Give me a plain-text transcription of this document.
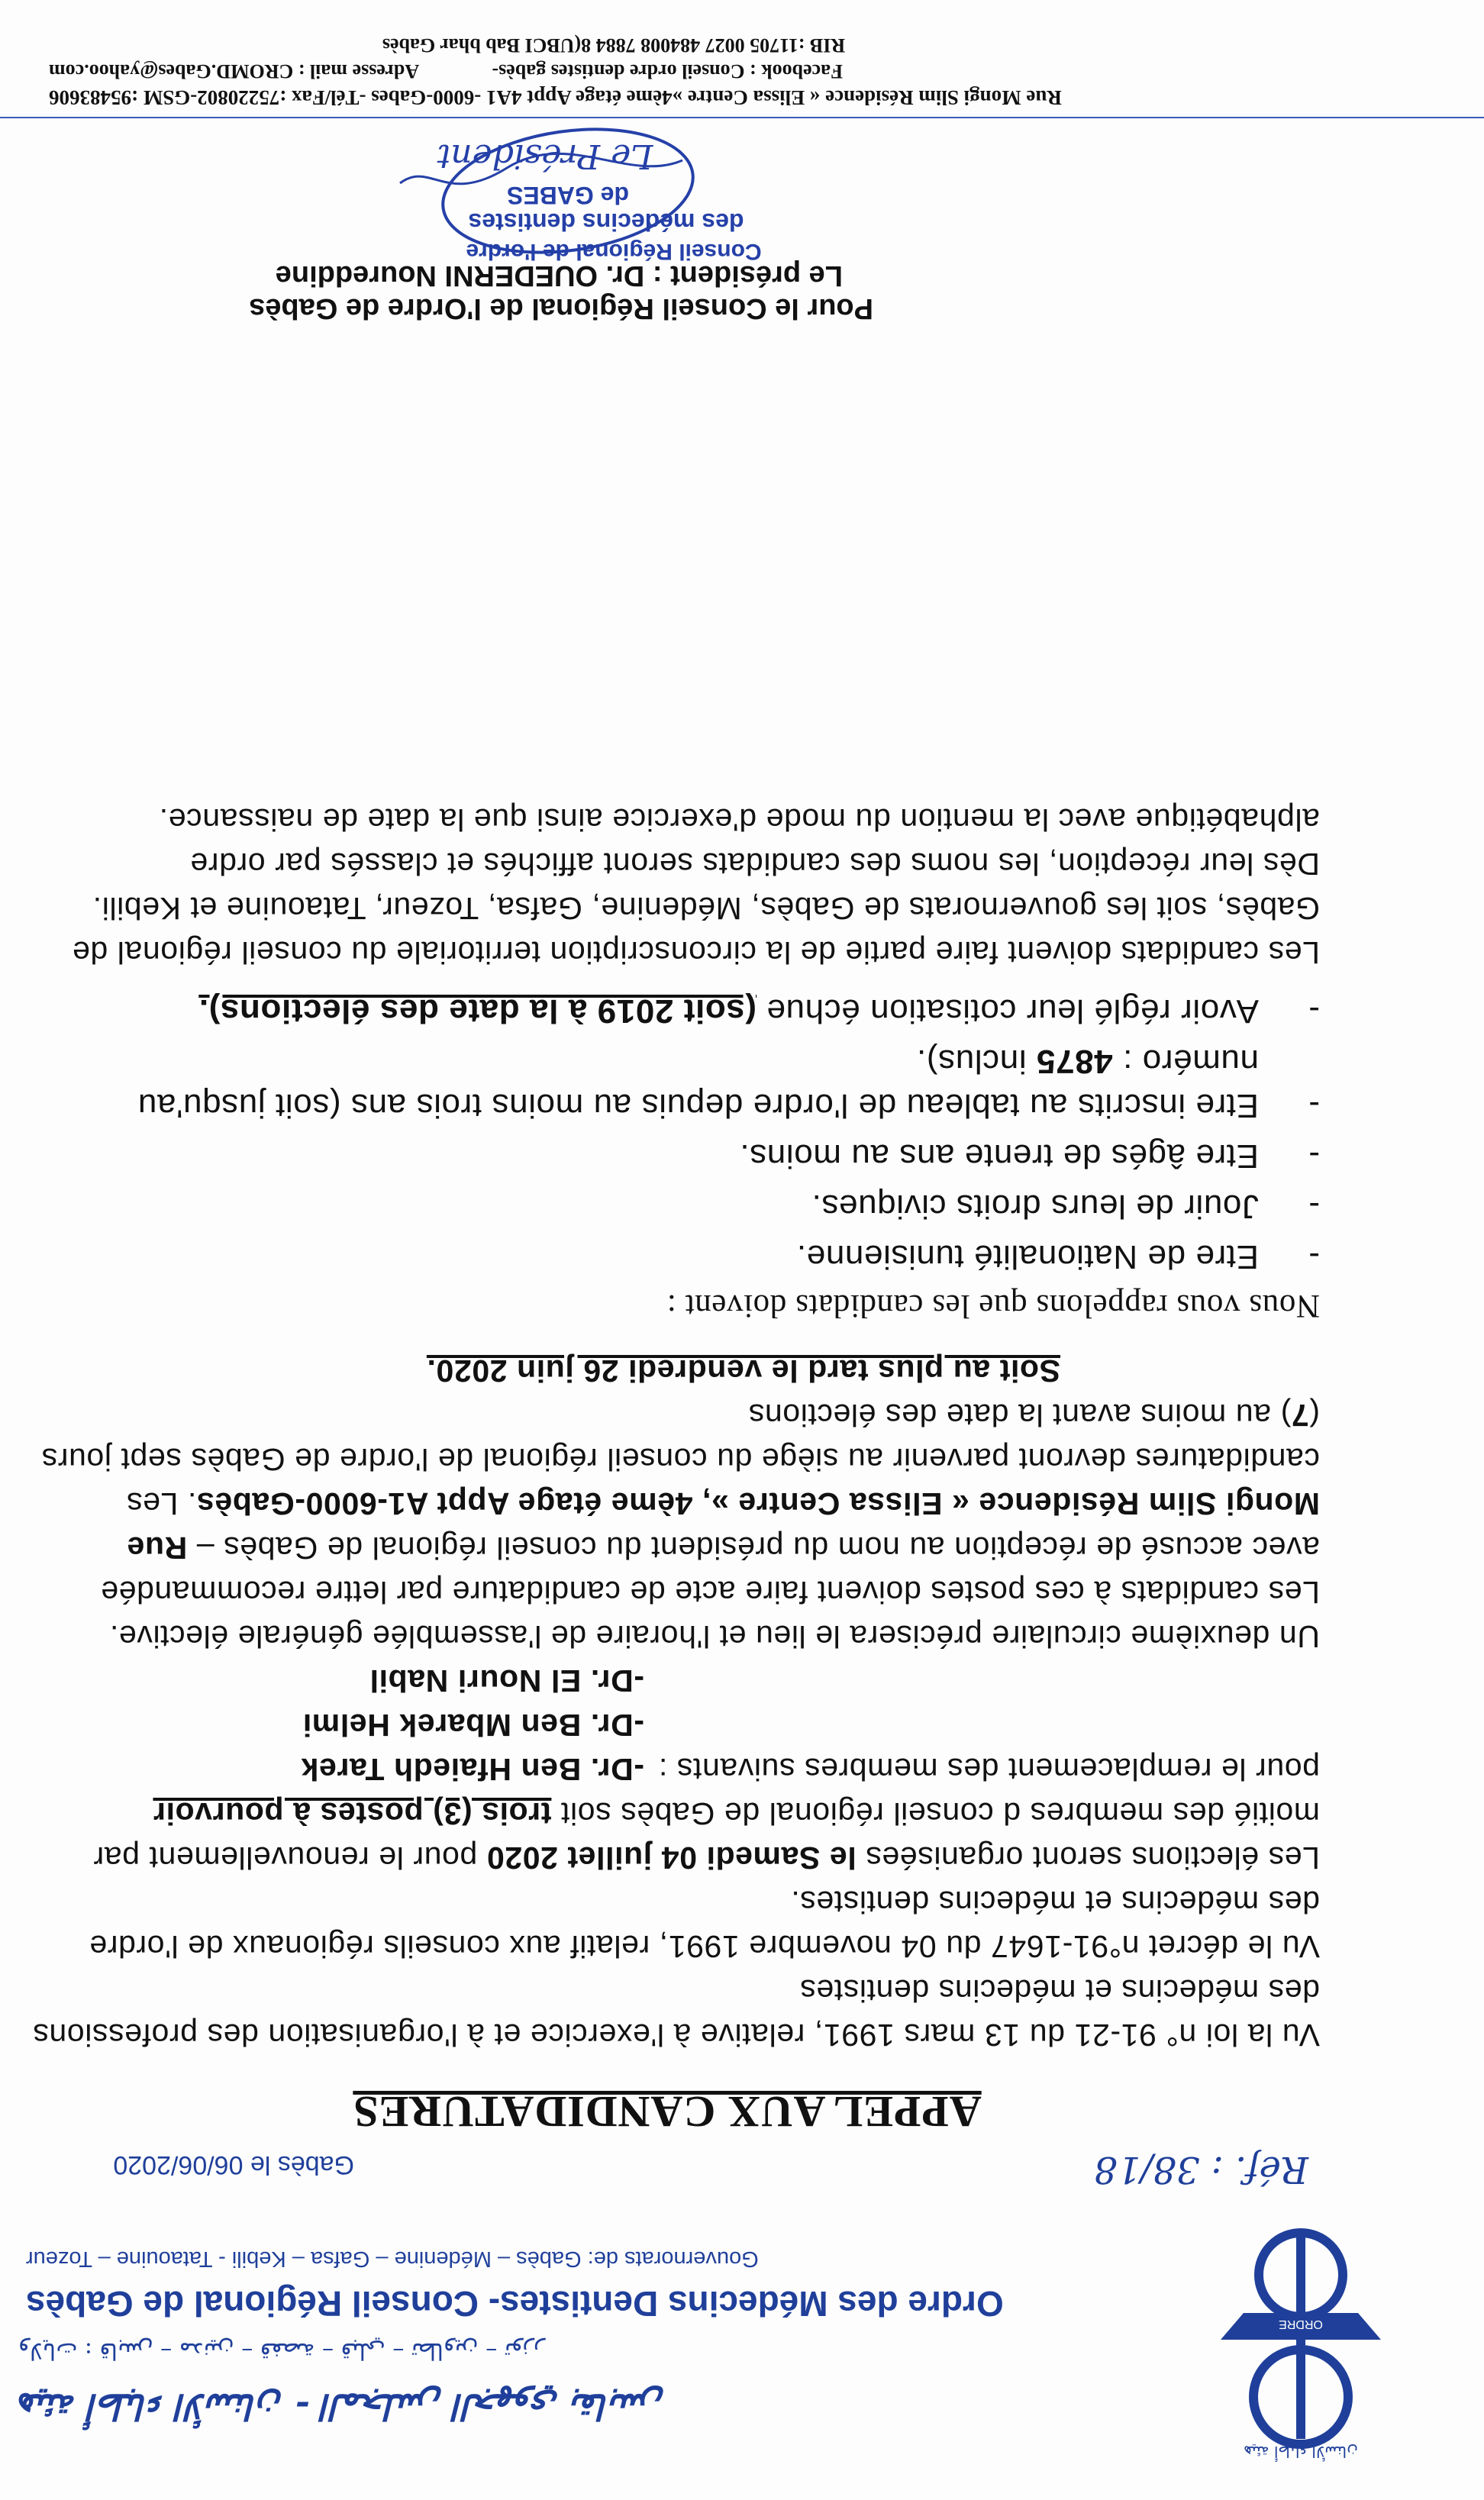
ORDRE
هيئة أطباء الأسنان
هيئة أطباء الأسنان - المجلس الجهوي بقابس
ولايات : قابس – مدنين – قفصة – قبلي – تطاوين – توزر
Ordre des Médecins Dentistes- Conseil Régional de Gabès
Gouvernorats de: Gabès – Médenine – Gafsa – Kebili - Tataouine – Tozeur
Réf. : 38/18
Gabès le 06/06/2020
APPEL AUX CANDIDATURES

Vu la loi n° 91-21 du 13 mars 1991, relative à l'exercice et à l'organisation des professions des médecins et médecins dentistes

Vu le décret n°91-1647 du 04 novembre 1991, relatif aux conseils régionaux de l'ordre des médecins et médecins dentistes.

Les élections seront organisées le Samedi 04 juillet 2020 pour le renouvellement par moitié des membres d conseil régional de Gabès soit trois (3) postes à pourvoir

pour le remplacement des membres suivants :
-Dr. Ben Hfaiedh Tarek
-Dr. Ben Mbarek Helmi
-Dr. El Nouri Nabil

Un deuxième circulaire précisera le lieu et l'horaire de l'assemblée générale élective.

Les candidats à ces postes doivent faire acte de candidature par lettre recommandée avec accusé de réception au nom du président du conseil régional de Gabès – Rue Mongi Slim Résidence « Elissa Centre », 4ème étage Appt A1-6000-Gabès. Les candidatures devront parvenir au siège du conseil régional de l'ordre de Gabès sept jours (7) au moins avant la date des élections

Soit au plus tard le vendredi 26 juin 2020.

Nous vous rappelons que les candidats doivent :

- Etre de Nationalité tunisienne.
- Jouir de leurs droits civiques.
- Etre âgés de trente ans au moins.
- Etre inscrits au tableau de l'ordre depuis au moins trois ans (soit jusqu'au numéro : 4875 inclus).
- Avoir réglé leur cotisation échue (soit 2019 à la date des élections).

Les candidats doivent faire partie de la circonscription territoriale du conseil régional de Gabès, soit les gouvernorats de Gabès, Médenine, Gafsa, Tozeur, Tataouine et Kebili.

Dès leur réception, les noms des candidats seront affichés et classés par ordre alphabétique avec la mention du mode d'exercice ainsi que la date de naissance.

Pour le Conseil Régional de l'Ordre de Gabès
Le président : Dr. OUEDERNI Noureddine
Conseil Régional de l'ordre
des médecins dentistes
de GABES
Le Président
Rue Mongi Slim Résidence « Elissa Centre »4ème étage Appt 4A1 -6000-Gabes -Tél/Fax :75220802-GSM :95483606
Facebook : Conseil ordre dentistes gabès-
Adresse mail : CROMD.Gabes@yahoo.com
RIB :11705 0027 484008 7884 8(UBCI Bab bhar Gabès
